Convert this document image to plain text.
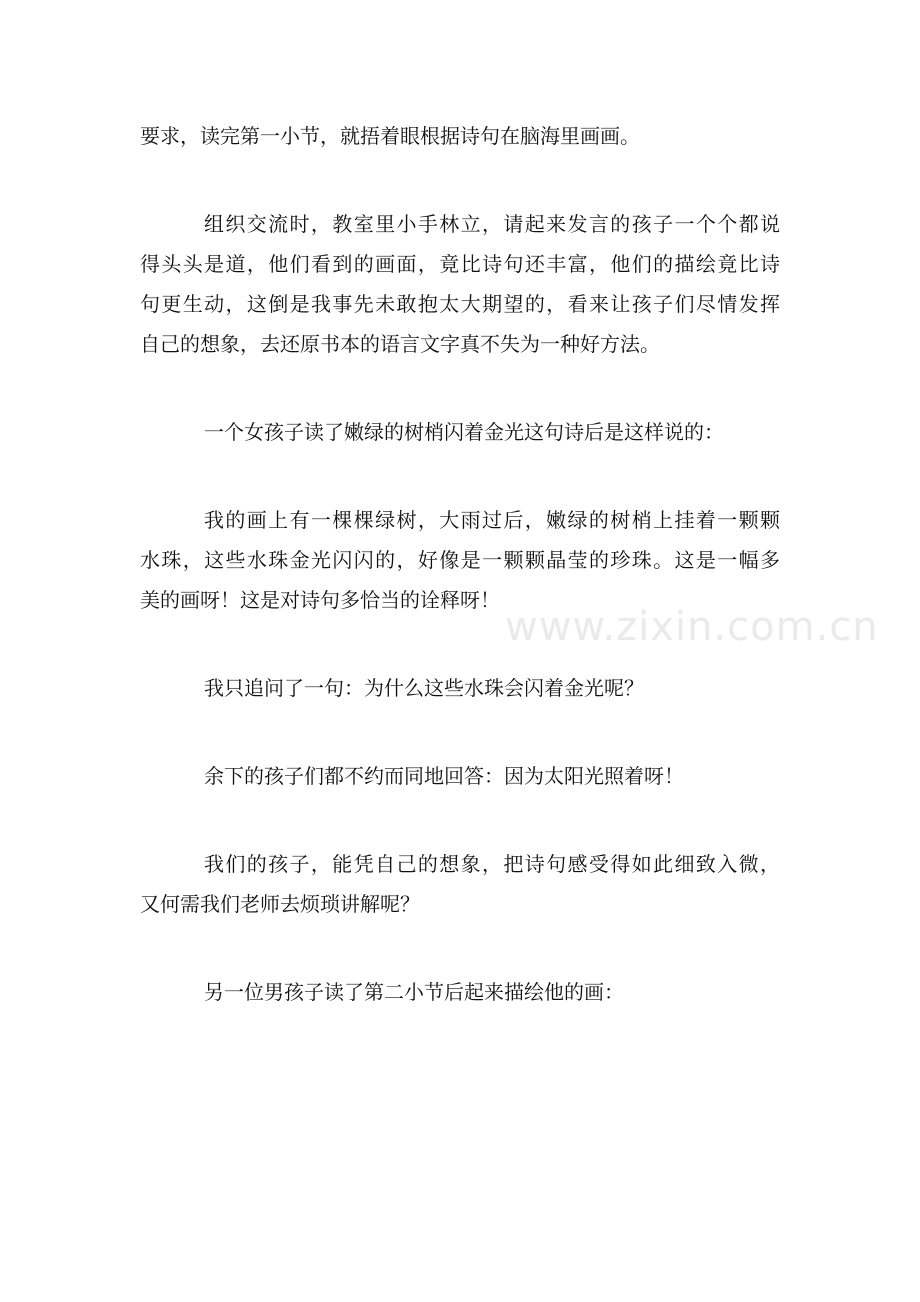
要求，读完第一小节，就捂着眼根据诗句在脑海里画画。

组织交流时，教室里小手林立，请起来发言的孩子一个个都说
得头头是道，他们看到的画面，竟比诗句还丰富，他们的描绘竟比诗
句更生动，这倒是我事先未敢抱太大期望的，看来让孩子们尽情发挥
自己的想象，去还原书本的语言文字真不失为一种好方法。

一个女孩子读了嫩绿的树梢闪着金光这句诗后是这样说的：

我的画上有一棵棵绿树，大雨过后，嫩绿的树梢上挂着一颗颗
水珠，这些水珠金光闪闪的，好像是一颗颗晶莹的珍珠。这是一幅多
美的画呀！这是对诗句多恰当的诠释呀！

我只追问了一句：为什么这些水珠会闪着金光呢？

余下的孩子们都不约而同地回答：因为太阳光照着呀！

我们的孩子，能凭自己的想象，把诗句感受得如此细致入微，
又何需我们老师去烦琐讲解呢？

另一位男孩子读了第二小节后起来描绘他的画：

www.zixin.com.cn
